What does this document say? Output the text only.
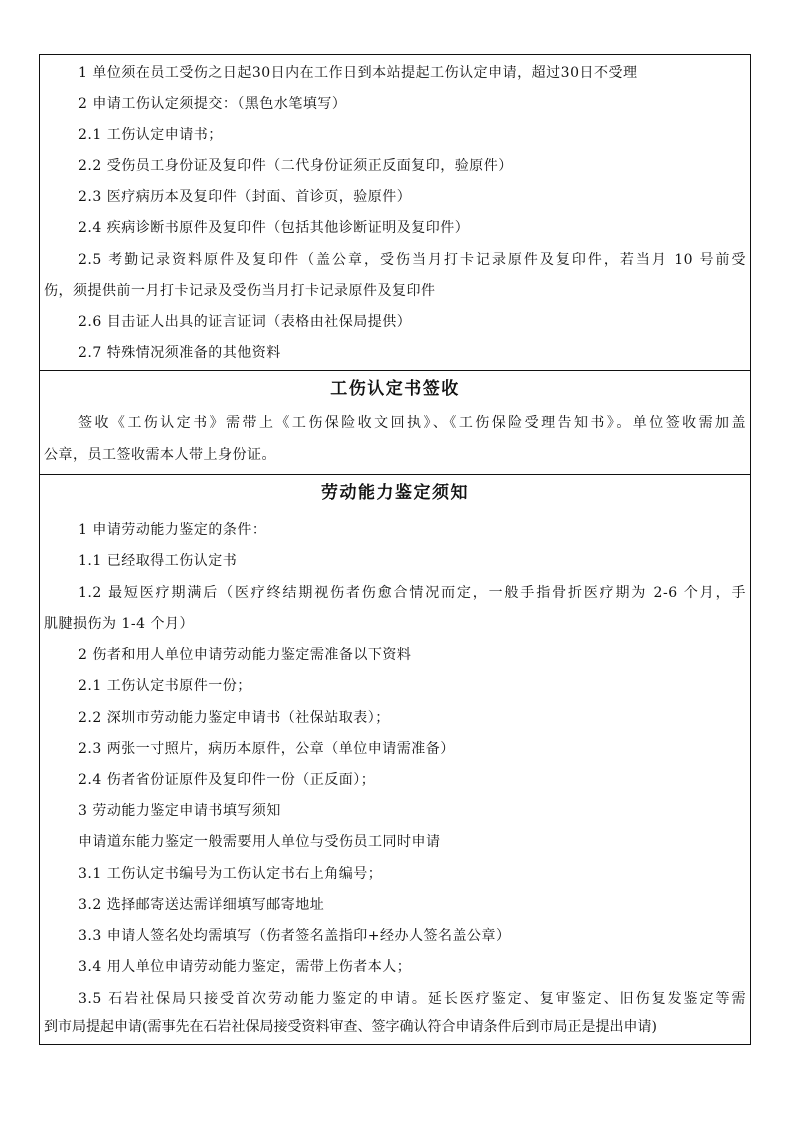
1 单位须在员工受伤之日起30日内在工作日到本站提起工伤认定申请，超过30日不受理
2 申请工伤认定须提交：（黑色水笔填写）
2.1 工伤认定申请书；
2.2 受伤员工身份证及复印件（二代身份证须正反面复印，验原件）
2.3 医疗病历本及复印件（封面、首诊页，验原件）
2.4 疾病诊断书原件及复印件（包括其他诊断证明及复印件）
2.5 考勤记录资料原件及复印件（盖公章，受伤当月打卡记录原件及复印件，若当月 10 号前受
伤，须提供前一月打卡记录及受伤当月打卡记录原件及复印件
2.6 目击证人出具的证言证词（表格由社保局提供）
2.7 特殊情况须准备的其他资料
工伤认定书签收
签收《工伤认定书》需带上《工伤保险收文回执》、《工伤保险受理告知书》。单位签收需加盖
公章，员工签收需本人带上身份证。
劳动能力鉴定须知
1 申请劳动能力鉴定的条件：
1.1 已经取得工伤认定书
1.2 最短医疗期满后（医疗终结期视伤者伤愈合情况而定，一般手指骨折医疗期为 2-6 个月，手
肌腱损伤为 1-4 个月）
2 伤者和用人单位申请劳动能力鉴定需准备以下资料
2.1 工伤认定书原件一份；
2.2 深圳市劳动能力鉴定申请书（社保站取表）；
2.3 两张一寸照片，病历本原件，公章（单位申请需准备）
2.4 伤者省份证原件及复印件一份（正反面）；
3 劳动能力鉴定申请书填写须知
申请道东能力鉴定一般需要用人单位与受伤员工同时申请
3.1 工伤认定书编号为工伤认定书右上角编号；
3.2 选择邮寄送达需详细填写邮寄地址
3.3 申请人签名处均需填写（伤者签名盖指印+经办人签名盖公章）
3.4 用人单位申请劳动能力鉴定，需带上伤者本人；
3.5 石岩社保局只接受首次劳动能力鉴定的申请。延长医疗鉴定、复审鉴定、旧伤复发鉴定等需
到市局提起申请(需事先在石岩社保局接受资料审查、签字确认符合申请条件后到市局正是提出申请)
